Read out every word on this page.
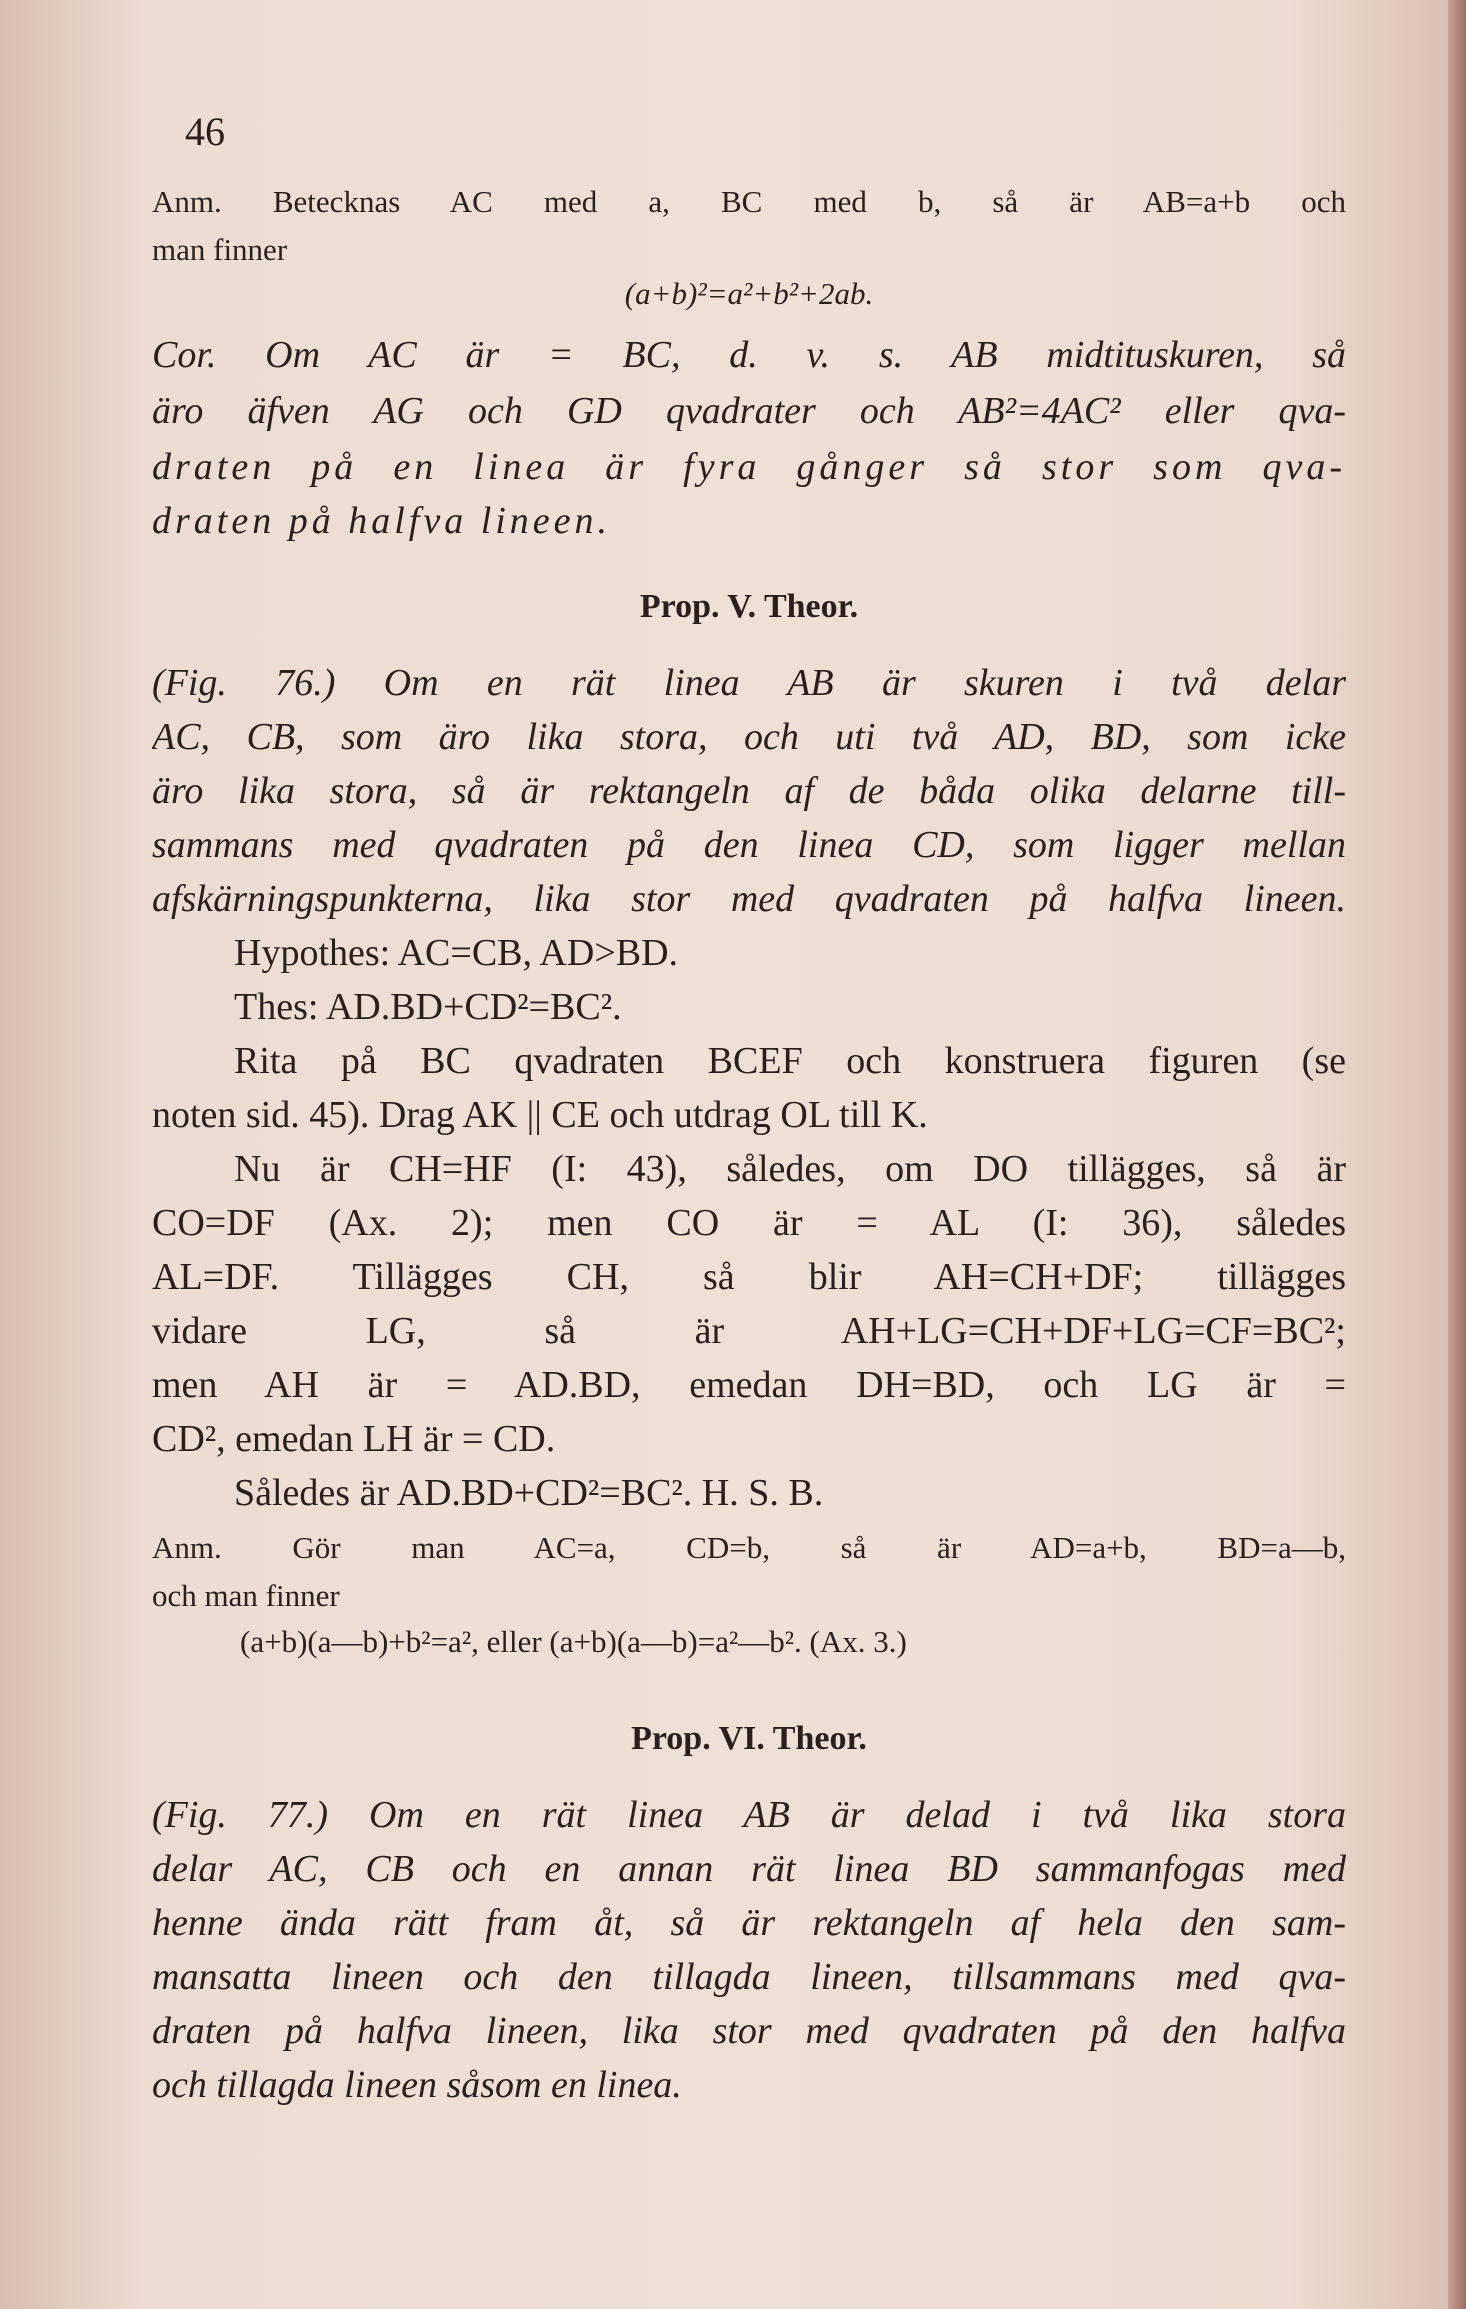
46
Anm. Betecknas AC med a, BC med b, så är AB=a+b och
man finner
(a+b)²=a²+b²+2ab.
Cor. Om AC är = BC, d. v. s. AB midtituskuren, så
äro äfven AG och GD qvadrater och AB²=4AC² eller qva-
draten på en linea är fyra gånger så stor som qva-
draten på halfva lineen.
Prop. V. Theor.
(Fig. 76.) Om en rät linea AB är skuren i två delar
AC, CB, som äro lika stora, och uti två AD, BD, som icke
äro lika stora, så är rektangeln af de båda olika delarne till-
sammans med qvadraten på den linea CD, som ligger mellan
afskärningspunkterna, lika stor med qvadraten på halfva lineen.
Hypothes: AC=CB, AD>BD.
Thes: AD.BD+CD²=BC².
Rita på BC qvadraten BCEF och konstruera figuren (se
noten sid. 45). Drag AK || CE och utdrag OL till K.
Nu är CH=HF (I: 43), således, om DO tillägges, så är
CO=DF (Ax. 2); men CO är = AL (I: 36), således
AL=DF. Tillägges CH, så blir AH=CH+DF; tillägges
vidare LG, så är AH+LG=CH+DF+LG=CF=BC²;
men AH är = AD.BD, emedan DH=BD, och LG är =
CD², emedan LH är = CD.
Således är AD.BD+CD²=BC². H. S. B.
Anm. Gör man AC=a, CD=b, så är AD=a+b, BD=a—b,
och man finner
(a+b)(a—b)+b²=a², eller (a+b)(a—b)=a²—b². (Ax. 3.)
Prop. VI. Theor.
(Fig. 77.) Om en rät linea AB är delad i två lika stora
delar AC, CB och en annan rät linea BD sammanfogas med
henne ända rätt fram åt, så är rektangeln af hela den sam-
mansatta lineen och den tillagda lineen, tillsammans med qva-
draten på halfva lineen, lika stor med qvadraten på den halfva
och tillagda lineen såsom en linea.
